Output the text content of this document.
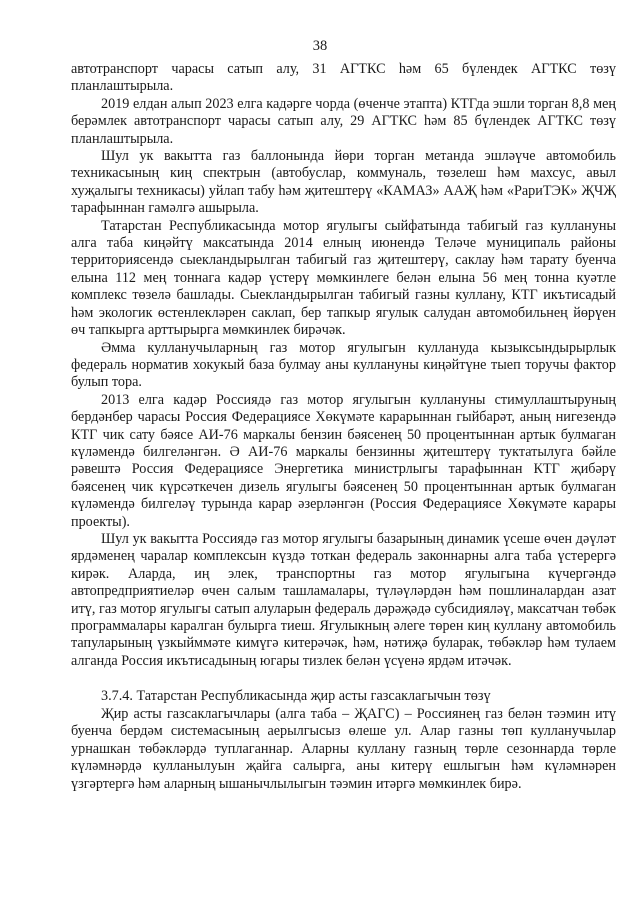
38

автотранспорт чарасы сатып алу, 31 АГТКС һәм 65 бүлендек АГТКС төзү планлаштырыла.

2019 елдан алып 2023 елга кадәрге чорда (өченче этапта) КТГда эшли торган 8,8 мең берәмлек автотранспорт чарасы сатып алу, 29 АГТКС һәм 85 бүлендек АГТКС төзү планлаштырыла.

Шул ук вакытта газ баллонында йөри торган метанда эшләүче автомобиль техникасының киң спектрын (автобуслар, коммуналь, төзелеш һәм махсус, авыл хуҗалыгы техникасы) уйлап табу һәм җитештерү «КАМАЗ» ААҖ һәм «РариТЭК» ҖЧҖ тарафыннан гамәлгә ашырыла.

Татарстан Республикасында мотор ягулыгы сыйфатында табигый газ куллануны алга таба киңәйтү максатында 2014 елның июнендә Теләче муниципаль районы территориясендә сыекландырылган табигый газ җитештерү, саклау һәм тарату буенча елына 112 мең тоннага кадәр үстерү мөмкинлеге белән елына 56 мең тонна куәтле комплекс төзелә башлады. Сыекландырылган табигый газны куллану, КТГ икътисадый һәм экологик өстенлекләрен саклап, бер тапкыр ягулык салудан автомобильнең йөрүен өч тапкырга арттырырга мөмкинлек бирәчәк.

Әмма кулланучыларның газ мотор ягулыгын куллануда кызыксындырырлык федераль норматив хокукый база булмау аны куллануны киңәйтүне тыеп торучы фактор булып тора.

2013 елга кадәр Россиядә газ мотор ягулыгын куллануны стимуллаштыруның бердәнбер чарасы Россия Федерациясе Хөкүмәте карарыннан гыйбарәт, аның нигезендә КТГ чик сату бәясе АИ-76 маркалы бензин бәясенең 50 процентыннан артык булмаган күләмендә билгеләнгән. Ә АИ-76 маркалы бензинны җитештерү туктатылуга бәйле рәвештә Россия Федерациясе Энергетика министрлыгы тарафыннан КТГ җибәрү бәясенең чик күрсәткечен дизель ягулыгы бәясенең 50 процентыннан артык булмаган күләмендә билгеләү турында карар әзерләнгән (Россия Федерациясе Хөкүмәте карары проекты).

Шул ук вакытта Россиядә газ мотор ягулыгы базарының динамик үсеше өчен дәүләт ярдәменең чаралар комплексын күздә тоткан федераль законнарны алга таба үстерергә кирәк. Аларда, иң элек, транспортны газ мотор ягулыгына күчергәндә автопредприятиеләр өчен салым ташламалары, түләүләрдән һәм пошлиналардан азат итү, газ мотор ягулыгы сатып алуларын федераль дәрәҗәдә субсидияләү, максатчан төбәк программалары каралган булырга тиеш. Ягулыкның әлеге төрен киң куллану автомобиль тапуларының үзкыйммәте кимүгә китерәчәк, һәм, нәтиҗә буларак, төбәкләр һәм тулаем алганда Россия икътисадының югары тизлек белән үсүенә ярдәм итәчәк.

3.7.4. Татарстан Республикасында җир асты газсаклагычын төзү

Җир асты газсаклагычлары (алга таба – ҖАГС) – Россиянең газ белән тәэмин итү буенча бердәм системасының аерылгысыз өлеше ул. Алар газны төп кулланучылар урнашкан төбәкләрдә туплаганнар. Аларны куллану газның төрле сезоннарда төрле күләмнәрдә кулланылуын җайга салырга, аны китерү ешлыгын һәм күләмнәрен үзгәртергә һәм аларның ышанычлылыгын тәэмин итәргә мөмкинлек бирә.
